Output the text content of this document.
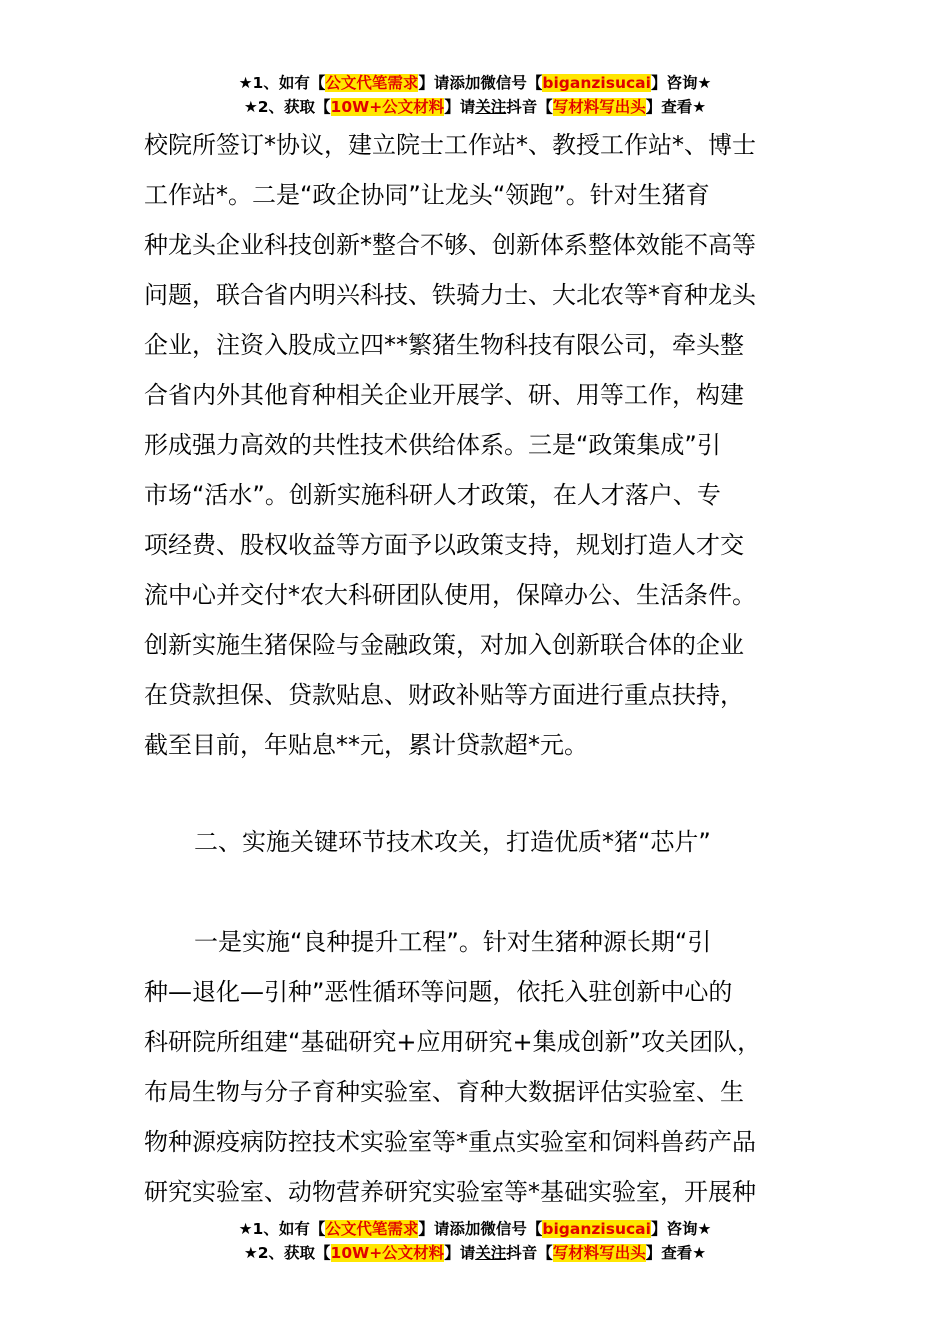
★1、如有【公文代笔需求】请添加微信号【biganzisucai】咨询★
★2、获取【10W+公文材料】请关注抖音【写材料写出头】查看★
校院所签订*协议，建立院士工作站*、教授工作站*、博士
工作站*。二是“政企协同”让龙头“领跑”。针对生猪育
种龙头企业科技创新*整合不够、创新体系整体效能不高等
问题，联合省内明兴科技、铁骑力士、大北农等*育种龙头
企业，注资入股成立四**繁猪生物科技有限公司，牵头整
合省内外其他育种相关企业开展学、研、用等工作，构建
形成强力高效的共性技术供给体系。三是“政策集成”引
市场“活水”。创新实施科研人才政策，在人才落户、专
项经费、股权收益等方面予以政策支持，规划打造人才交
流中心并交付*农大科研团队使用，保障办公、生活条件。
创新实施生猪保险与金融政策，对加入创新联合体的企业
在贷款担保、贷款贴息、财政补贴等方面进行重点扶持，
截至目前，年贴息**元，累计贷款超*元。
二、实施关键环节技术攻关，打造优质*猪“芯片”
一是实施“良种提升工程”。针对生猪种源长期“引
种—退化—引种”恶性循环等问题，依托入驻创新中心的
科研院所组建“基础研究+应用研究+集成创新”攻关团队，
布局生物与分子育种实验室、育种大数据评估实验室、生
物种源疫病防控技术实验室等*重点实验室和饲料兽药产品
研究实验室、动物营养研究实验室等*基础实验室，开展种
★1、如有【公文代笔需求】请添加微信号【biganzisucai】咨询★
★2、获取【10W+公文材料】请关注抖音【写材料写出头】查看★
